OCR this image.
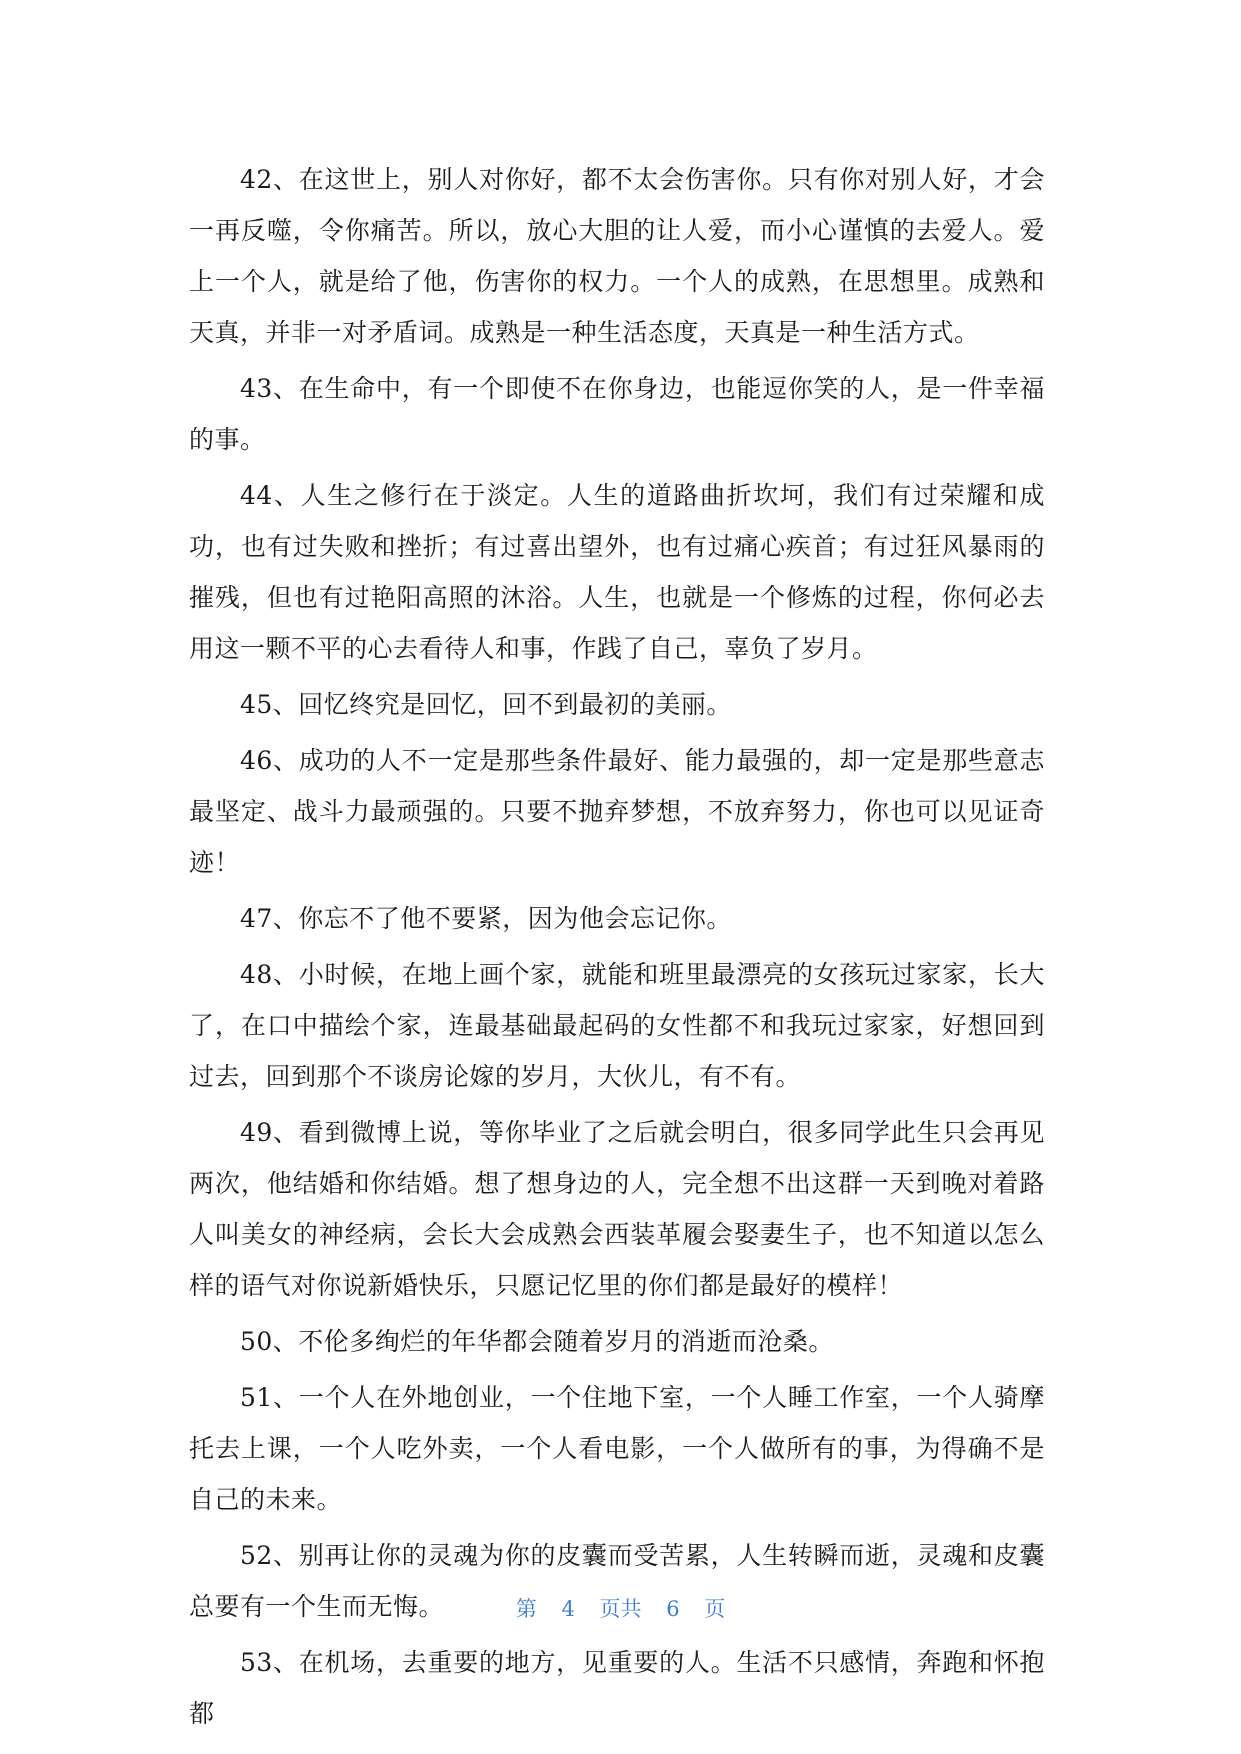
42、在这世上，别人对你好，都不太会伤害你。只有你对别人好，才会一再反噬，令你痛苦。所以，放心大胆的让人爱，而小心谨慎的去爱人。爱上一个人，就是给了他，伤害你的权力。一个人的成熟，在思想里。成熟和天真，并非一对矛盾词。成熟是一种生活态度，天真是一种生活方式。

43、在生命中，有一个即使不在你身边，也能逗你笑的人，是一件幸福的事。

44、人生之修行在于淡定。人生的道路曲折坎坷，我们有过荣耀和成功，也有过失败和挫折；有过喜出望外，也有过痛心疾首；有过狂风暴雨的摧残，但也有过艳阳高照的沐浴。人生，也就是一个修炼的过程，你何必去用这一颗不平的心去看待人和事，作践了自己，辜负了岁月。

45、回忆终究是回忆，回不到最初的美丽。

46、成功的人不一定是那些条件最好、能力最强的，却一定是那些意志最坚定、战斗力最顽强的。只要不抛弃梦想，不放弃努力，你也可以见证奇迹！

47、你忘不了他不要紧，因为他会忘记你。

48、小时候，在地上画个家，就能和班里最漂亮的女孩玩过家家，长大了，在口中描绘个家，连最基础最起码的女性都不和我玩过家家，好想回到过去，回到那个不谈房论嫁的岁月，大伙儿，有不有。

49、看到微博上说，等你毕业了之后就会明白，很多同学此生只会再见两次，他结婚和你结婚。想了想身边的人，完全想不出这群一天到晚对着路人叫美女的神经病，会长大会成熟会西装革履会娶妻生子，也不知道以怎么样的语气对你说新婚快乐，只愿记忆里的你们都是最好的模样！

50、不伦多绚烂的年华都会随着岁月的消逝而沧桑。

51、一个人在外地创业，一个住地下室，一个人睡工作室，一个人骑摩托去上课，一个人吃外卖，一个人看电影，一个人做所有的事，为得确不是自己的未来。

52、别再让你的灵魂为你的皮囊而受苦累，人生转瞬而逝，灵魂和皮囊总要有一个生而无悔。

53、在机场，去重要的地方，见重要的人。生活不只感情，奔跑和怀抱都

第 4 页共 6 页
